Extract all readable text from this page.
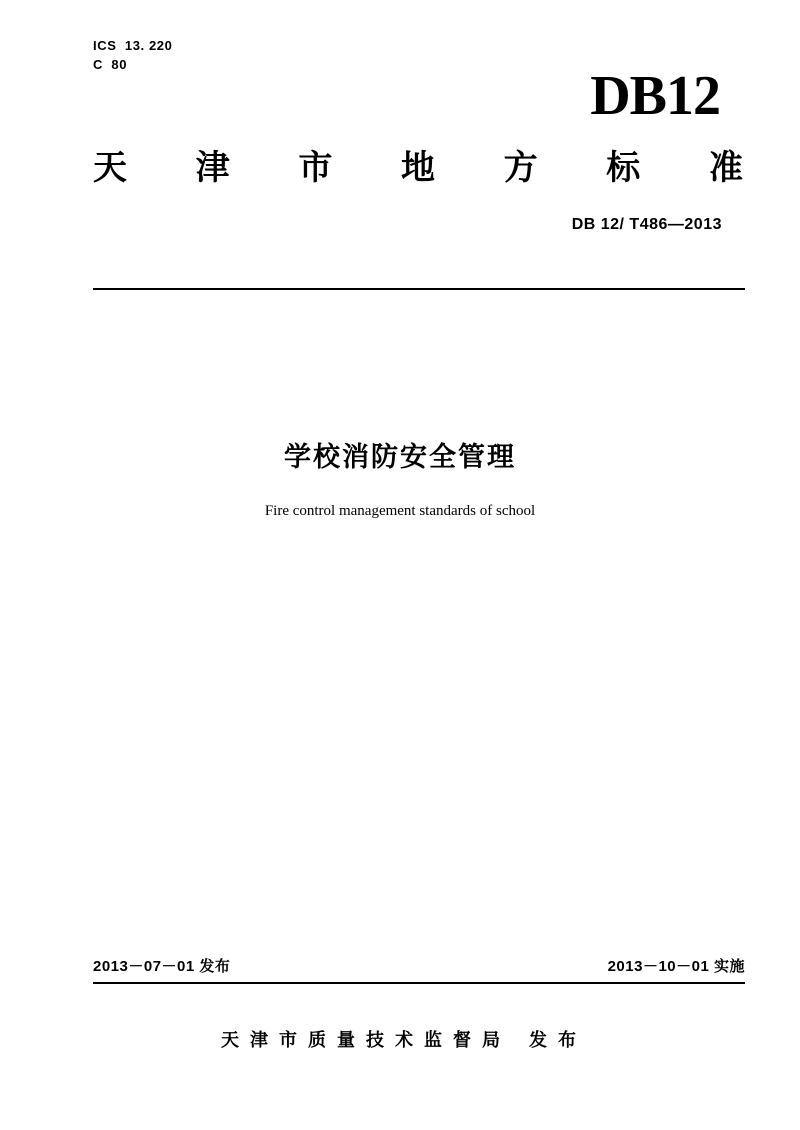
ICS  13. 220
C  80
DB12
天 津 市 地 方 标 准
DB 12/ T486—2013
学校消防安全管理
Fire control management standards of school
2013－07－01 发布	2013－10－01 实施
天 津 市 质 量 技 术 监 督 局 发 布
